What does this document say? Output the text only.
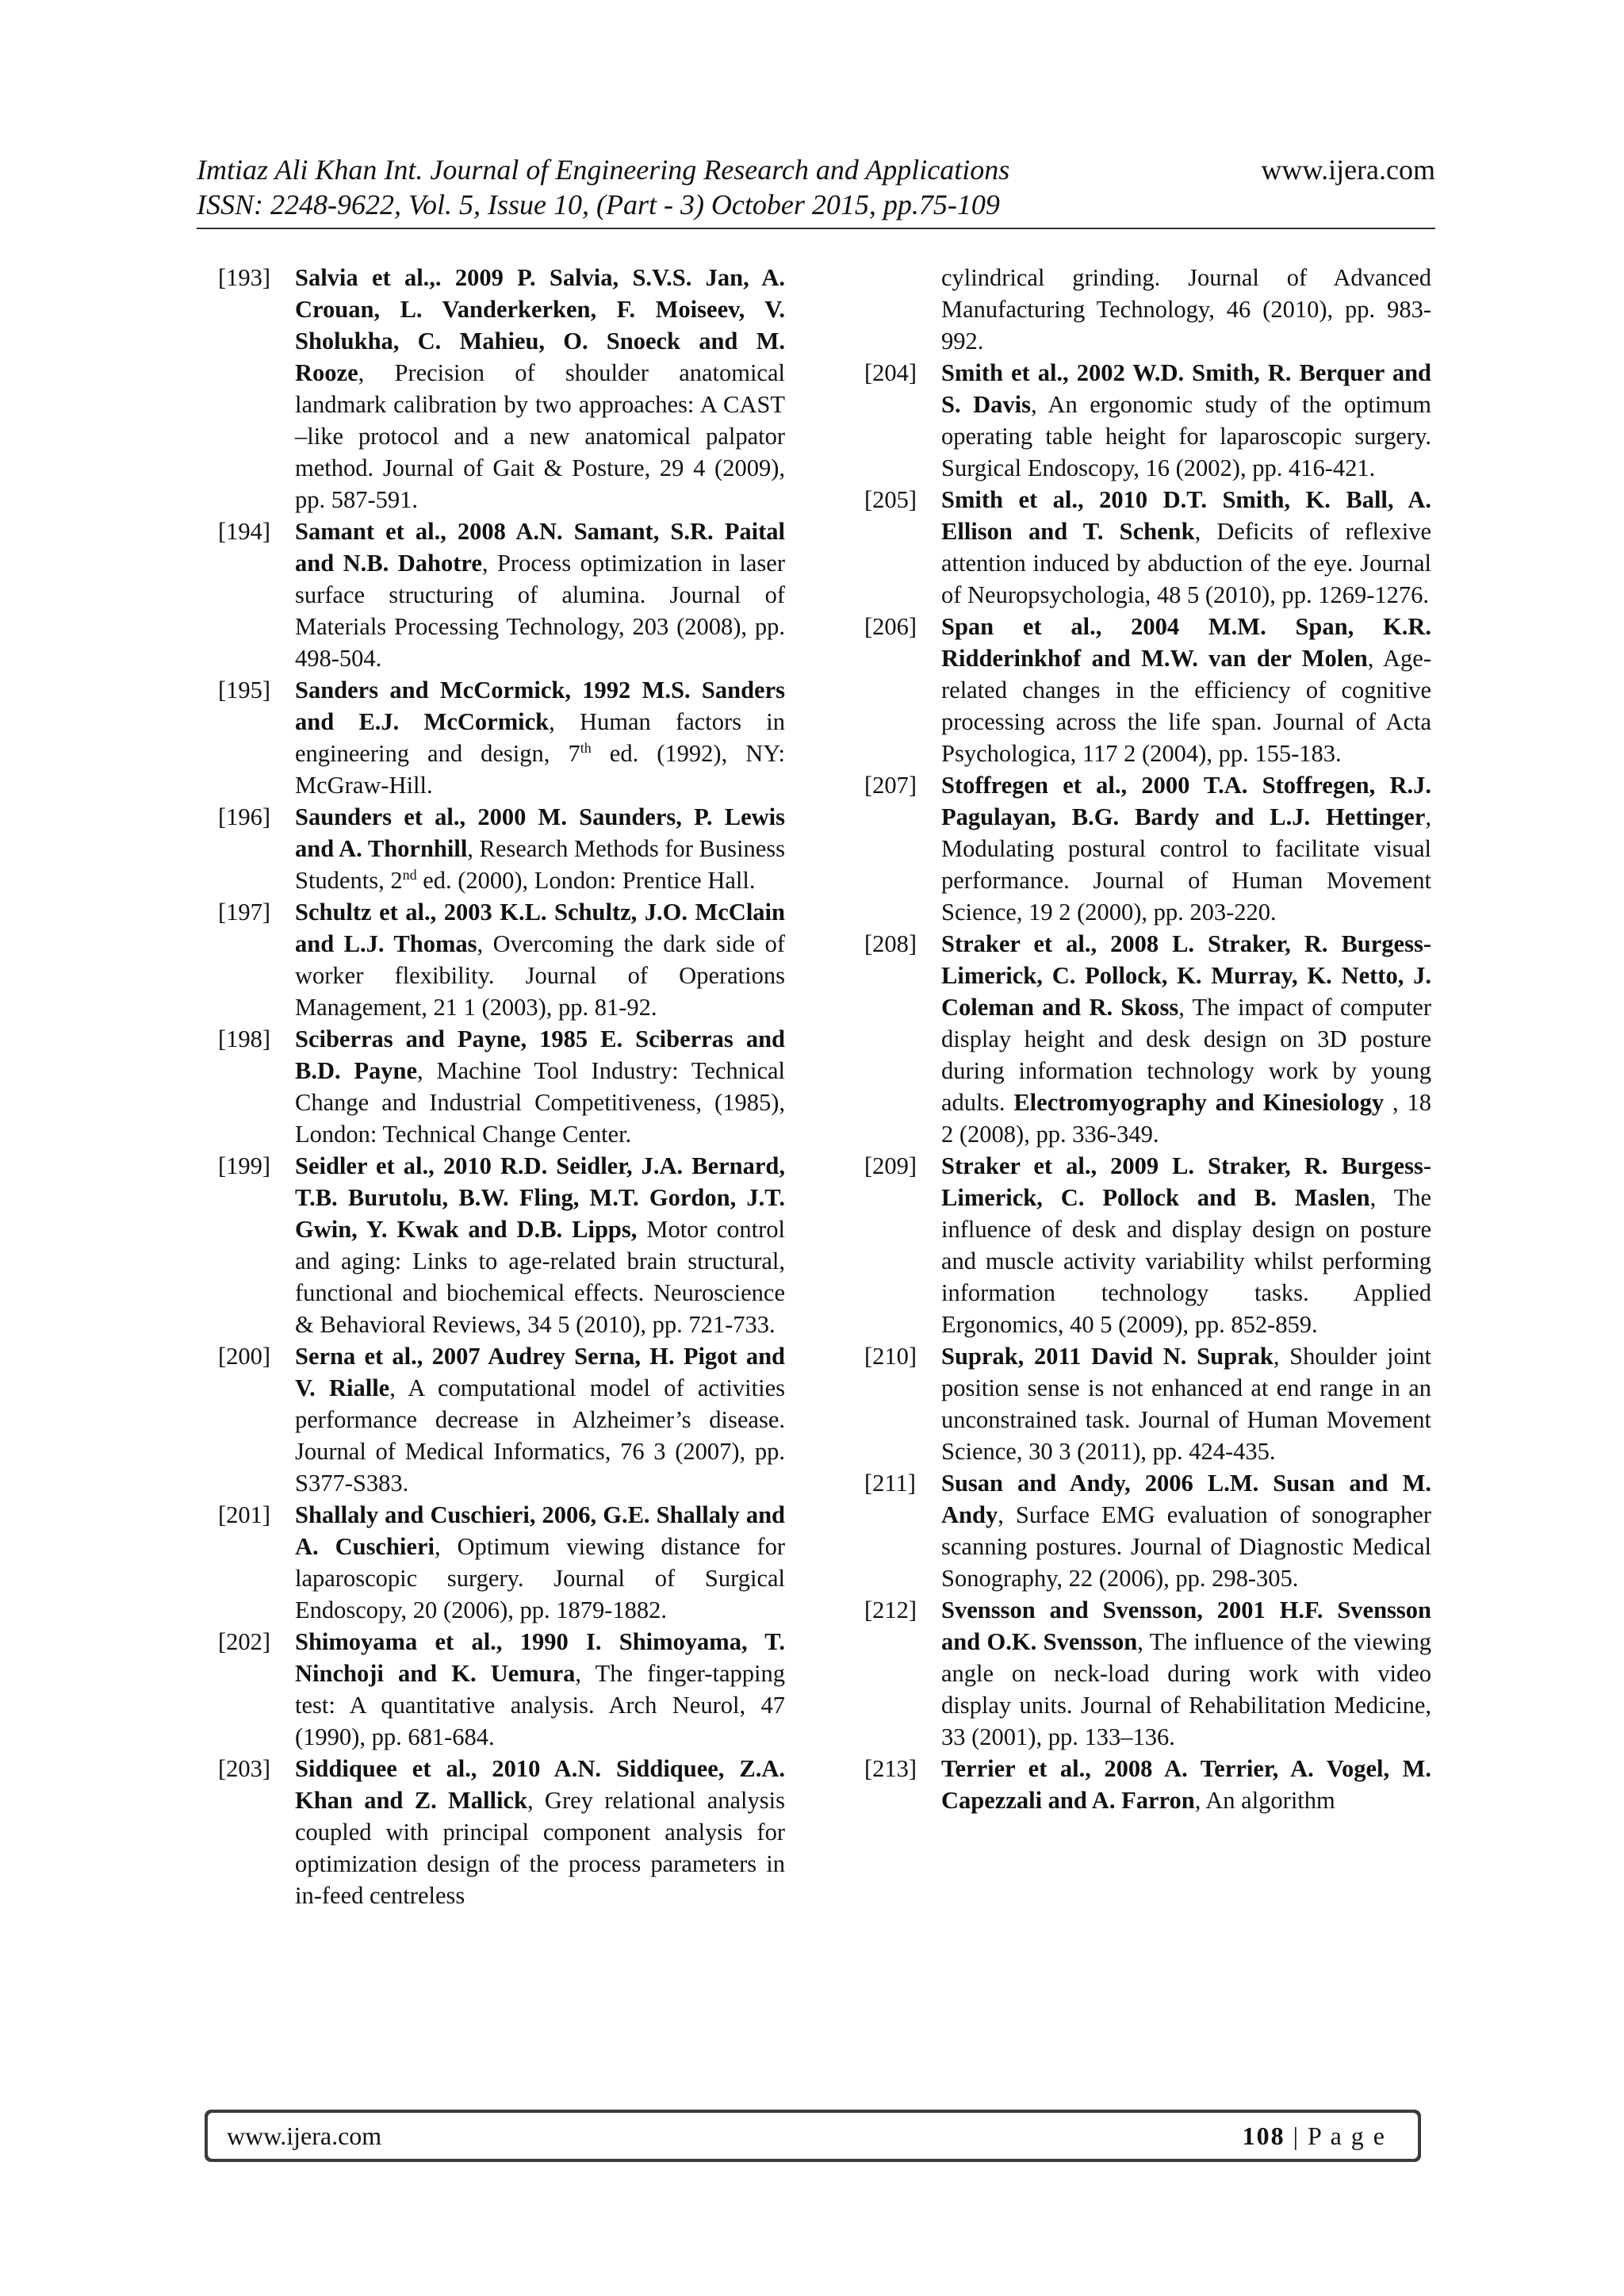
Imtiaz Ali Khan Int. Journal of Engineering Research and Applications	www.ijera.com
ISSN: 2248-9622, Vol. 5, Issue 10, (Part - 3) October 2015, pp.75-109
[193]	Salvia et al.,. 2009 P. Salvia, S.V.S. Jan, A. Crouan, L. Vanderkerken, F. Moiseev, V. Sholukha, C. Mahieu, O. Snoeck and M. Rooze, Precision of shoulder anatomical landmark calibration by two approaches: A CAST –like protocol and a new anatomical palpator method. Journal of Gait & Posture, 29 4 (2009), pp. 587-591.
[194]	Samant et al., 2008 A.N. Samant, S.R. Paital and N.B. Dahotre, Process optimization in laser surface structuring of alumina. Journal of Materials Processing Technology, 203 (2008), pp. 498-504.
[195]	Sanders and McCormick, 1992 M.S. Sanders and E.J. McCormick, Human factors in engineering and design, 7th ed. (1992), NY: McGraw-Hill.
[196]	Saunders et al., 2000 M. Saunders, P. Lewis and A. Thornhill, Research Methods for Business Students, 2nd ed. (2000), London: Prentice Hall.
[197]	Schultz et al., 2003 K.L. Schultz, J.O. McClain and L.J. Thomas, Overcoming the dark side of worker flexibility. Journal of Operations Management, 21 1 (2003), pp. 81-92.
[198]	Sciberras and Payne, 1985 E. Sciberras and B.D. Payne, Machine Tool Industry: Technical Change and Industrial Competitiveness, (1985), London: Technical Change Center.
[199]	Seidler et al., 2010 R.D. Seidler, J.A. Bernard, T.B. Burutolu, B.W. Fling, M.T. Gordon, J.T. Gwin, Y. Kwak and D.B. Lipps, Motor control and aging: Links to age-related brain structural, functional and biochemical effects. Neuroscience & Behavioral Reviews, 34 5 (2010), pp. 721-733.
[200]	Serna et al., 2007 Audrey Serna, H. Pigot and V. Rialle, A computational model of activities performance decrease in Alzheimer’s disease. Journal of Medical Informatics, 76 3 (2007), pp. S377-S383.
[201]	Shallaly and Cuschieri, 2006, G.E. Shallaly and A. Cuschieri, Optimum viewing distance for laparoscopic surgery. Journal of Surgical Endoscopy, 20 (2006), pp. 1879-1882.
[202]	Shimoyama et al., 1990 I. Shimoyama, T. Ninchoji and K. Uemura, The finger-tapping test: A quantitative analysis. Arch Neurol, 47 (1990), pp. 681-684.
[203]	Siddiquee et al., 2010 A.N. Siddiquee, Z.A. Khan and Z. Mallick, Grey relational analysis coupled with principal component analysis for optimization design of the process parameters in in-feed centreless
cylindrical grinding. Journal of Advanced Manufacturing Technology, 46 (2010), pp. 983-992.
[204]	Smith et al., 2002 W.D. Smith, R. Berquer and S. Davis, An ergonomic study of the optimum operating table height for laparoscopic surgery. Surgical Endoscopy, 16 (2002), pp. 416-421.
[205]	Smith et al., 2010 D.T. Smith, K. Ball, A. Ellison and T. Schenk, Deficits of reflexive attention induced by abduction of the eye. Journal of Neuropsychologia, 48 5 (2010), pp. 1269-1276.
[206]	Span et al., 2004 M.M. Span, K.R. Ridderinkhof and M.W. van der Molen, Age-related changes in the efficiency of cognitive processing across the life span. Journal of Acta Psychologica, 117 2 (2004), pp. 155-183.
[207]	Stoffregen et al., 2000 T.A. Stoffregen, R.J. Pagulayan, B.G. Bardy and L.J. Hettinger, Modulating postural control to facilitate visual performance. Journal of Human Movement Science, 19 2 (2000), pp. 203-220.
[208]	Straker et al., 2008 L. Straker, R. Burgess-Limerick, C. Pollock, K. Murray, K. Netto, J. Coleman and R. Skoss, The impact of computer display height and desk design on 3D posture during information technology work by young adults. Electromyography and Kinesiology , 18 2 (2008), pp. 336-349.
[209]	Straker et al., 2009 L. Straker, R. Burgess-Limerick, C. Pollock and B. Maslen, The influence of desk and display design on posture and muscle activity variability whilst performing information technology tasks. Applied Ergonomics, 40 5 (2009), pp. 852-859.
[210]	Suprak, 2011 David N. Suprak, Shoulder joint position sense is not enhanced at end range in an unconstrained task. Journal of Human Movement Science, 30 3 (2011), pp. 424-435.
[211]	Susan and Andy, 2006 L.M. Susan and M. Andy, Surface EMG evaluation of sonographer scanning postures. Journal of Diagnostic Medical Sonography, 22 (2006), pp. 298-305.
[212]	Svensson and Svensson, 2001 H.F. Svensson and O.K. Svensson, The influence of the viewing angle on neck-load during work with video display units. Journal of Rehabilitation Medicine, 33 (2001), pp. 133–136.
[213]	Terrier et al., 2008 A. Terrier, A. Vogel, M. Capezzali and A. Farron, An algorithm
www.ijera.com	108 | P a g e
